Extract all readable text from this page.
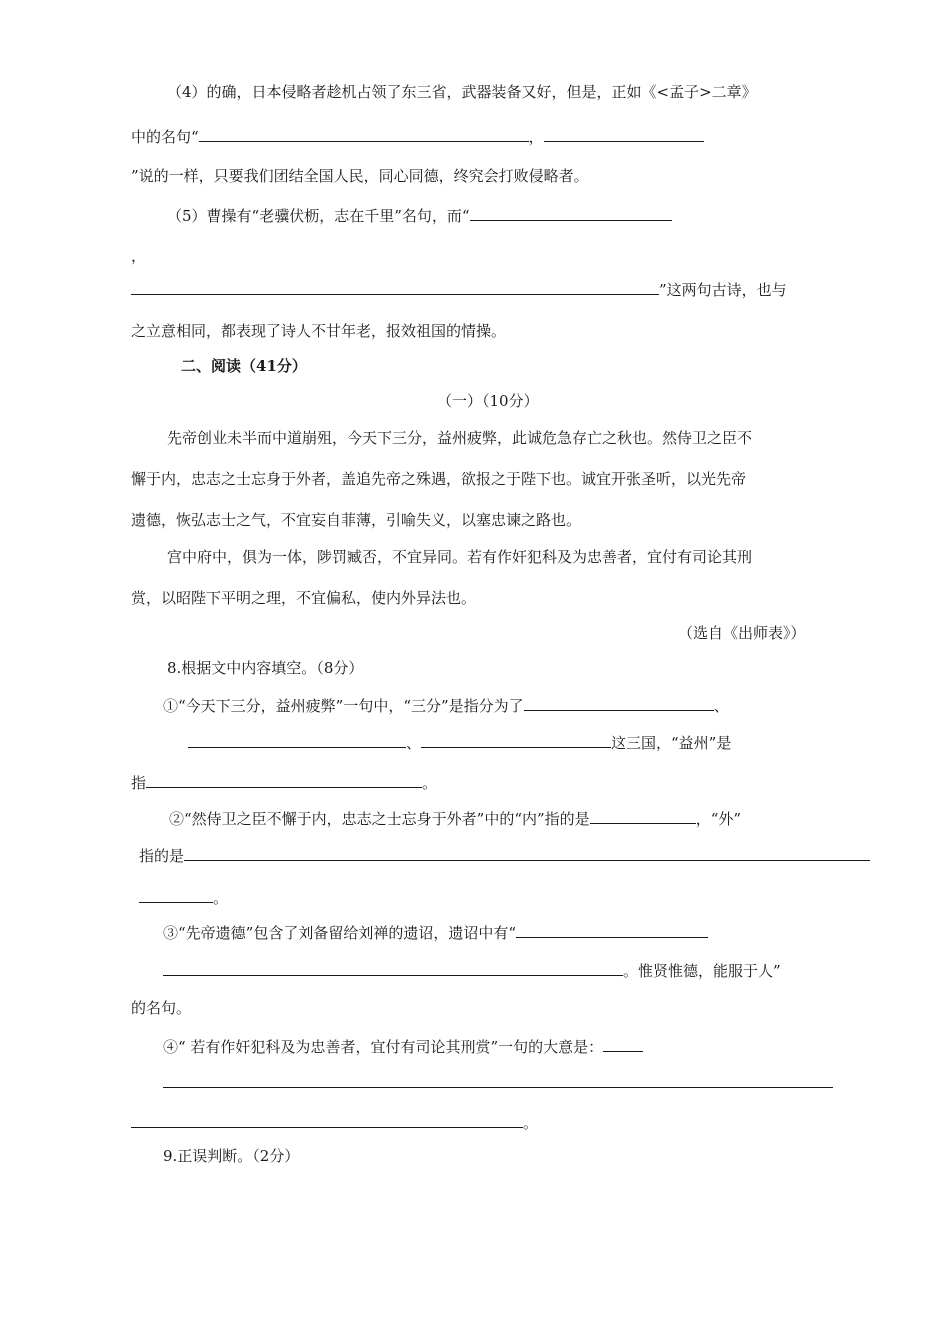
（4）的确，日本侵略者趁机占领了东三省，武器装备又好，但是，正如《<孟子>二章》
中的名句“	，
”说的一样，只要我们团结全国人民，同心同德，终究会打败侵略者。
（5）曹操有“老骥伏枥，志在千里”名句，而“
，
”这两句古诗，也与
之立意相同，都表现了诗人不甘年老，报效祖国的情操。
二、阅读（41分）
（一）（10分）
先帝创业未半而中道崩殂，今天下三分，益州疲弊，此诚危急存亡之秋也。然侍卫之臣不
懈于内，忠志之士忘身于外者，盖追先帝之殊遇，欲报之于陛下也。诚宜开张圣听，以光先帝
遗德，恢弘志士之气，不宜妄自菲薄，引喻失义，以塞忠谏之路也。
宫中府中，俱为一体，陟罚臧否，不宜异同。若有作奸犯科及为忠善者，宜付有司论其刑
赏，以昭陛下平明之理，不宜偏私，使内外异法也。
（选自《出师表》）
8.根据文中内容填空。（8分）
①“今天下三分，益州疲弊”一句中，“三分”是指分为了	、
、	这三国，“益州”是
指	。
②“然侍卫之臣不懈于内，忠志之士忘身于外者”中的“内”指的是	，“外”
指的是
。
③“先帝遗德”包含了刘备留给刘禅的遗诏，遗诏中有“
。惟贤惟德，能服于人”
的名句。
④“ 若有作奸犯科及为忠善者，宜付有司论其刑赏”一句的大意是：
。
9.正误判断。（2分）
